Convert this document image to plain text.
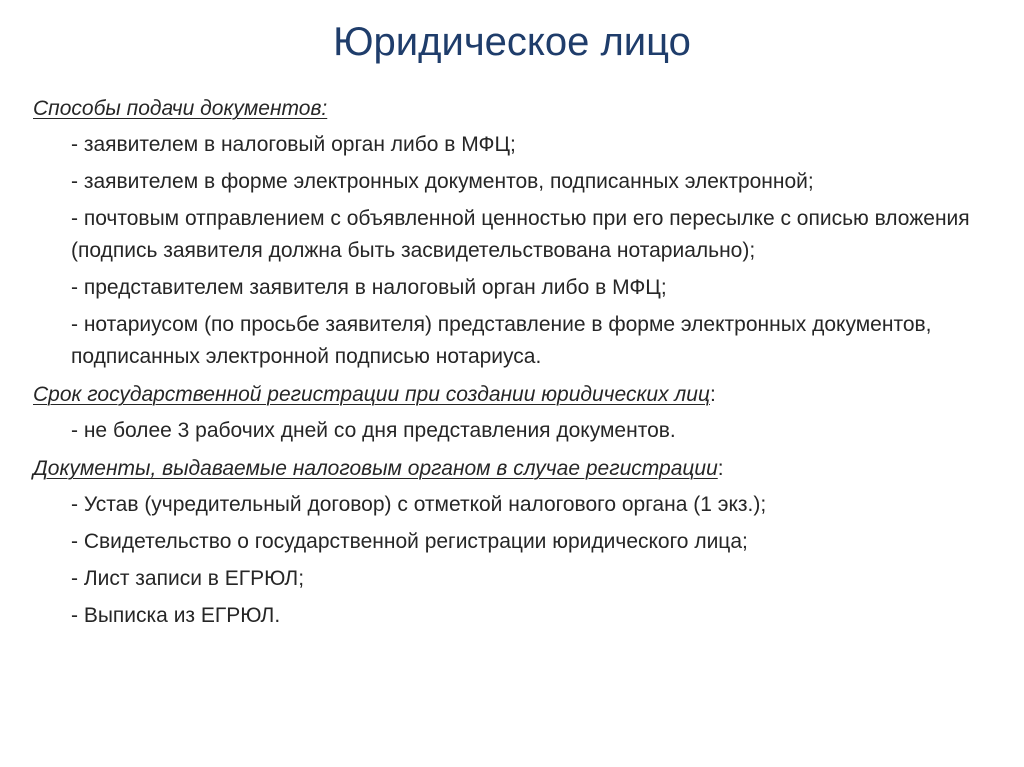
Юридическое лицо

Способы подачи документов:

- заявителем в налоговый орган либо в МФЦ;

- заявителем в форме электронных документов, подписанных электронной;

- почтовым отправлением с объявленной ценностью при его пересылке с описью вложения (подпись заявителя должна быть засвидетельствована нотариально);

- представителем заявителя в налоговый орган либо в МФЦ;

- нотариусом (по просьбе заявителя) представление в форме электронных документов, подписанных электронной подписью нотариуса.

Срок государственной регистрации при создании юридических лиц:

- не более 3 рабочих дней со дня представления документов.

Документы, выдаваемые налоговым органом в случае регистрации:

- Устав (учредительный договор) с отметкой налогового органа (1 экз.);

- Свидетельство о государственной регистрации юридического лица;

- Лист записи в ЕГРЮЛ;

- Выписка из ЕГРЮЛ.
